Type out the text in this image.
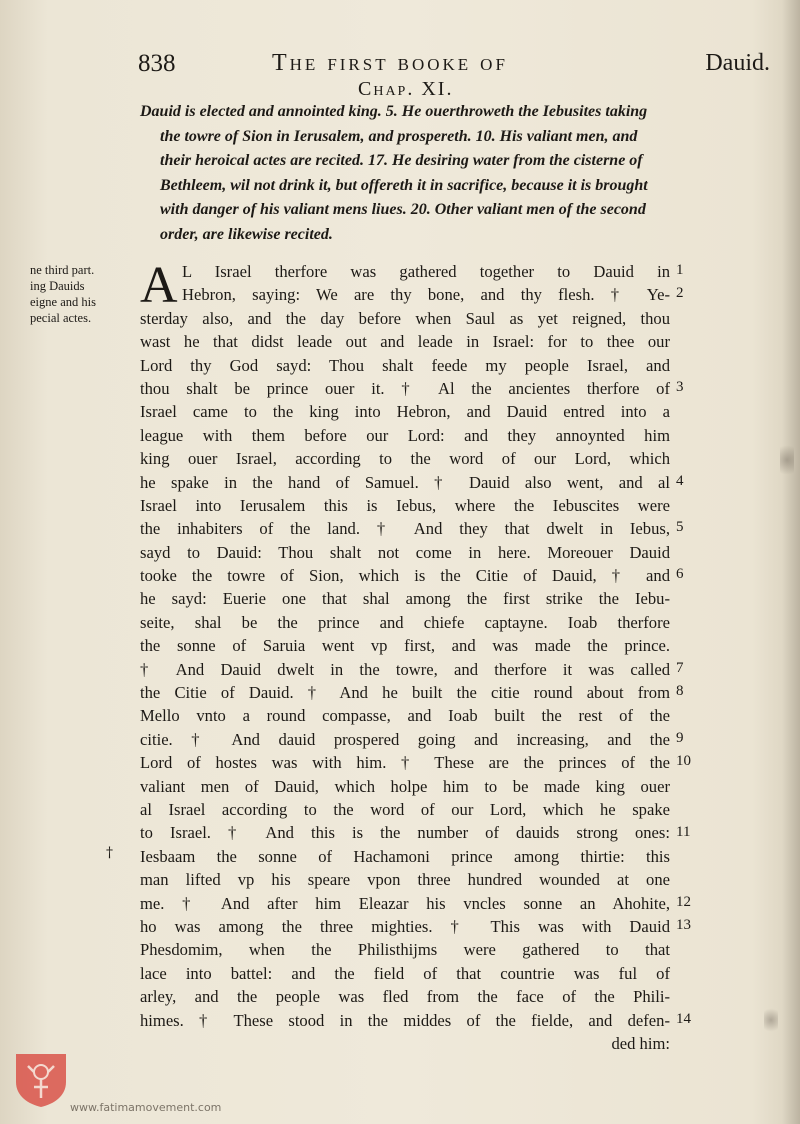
838	The first booke of	Dauid.
Chap. XI.
Dauid is elected and annointed king. 5. He ouerthroweth the Iebusites taking
the towre of Sion in Ierusalem, and prospereth. 10. His valiant men, and
their heroical actes are recited. 17. He desiring water from the cisterne of
Bethleem, wil not drink it, but offereth it in sacrifice, because it is brought
with danger of his valiant mens liues. 20. Other valiant men of the second
order, are likewise recited.
ne third part.
ing Dauids
eigne and his
pecial actes.
A L Israel therfore was gathered together to Dauid in
Hebron, saying: We are thy bone, and thy flesh. † Ye-
sterday also, and the day before when Saul as yet reigned, thou
wast he that didst leade out and leade in Israel: for to thee our
Lord thy God sayd: Thou shalt feede my people Israel, and
thou shalt be prince ouer it. † Al the ancientes therfore of
Israel came to the king into Hebron, and Dauid entred into a
league with them before our Lord: and they annoynted him
king ouer Israel, according to the word of our Lord, which
he spake in the hand of Samuel. † Dauid also went, and al
Israel into Ierusalem this is Iebus, where the Iebuscites were
the inhabiters of the land. † And they that dwelt in Iebus,
sayd to Dauid: Thou shalt not come in here. Moreouer Dauid
tooke the towre of Sion, which is the Citie of Dauid, † and
he sayd: Euerie one that shal among the first strike the Iebu-
seite, shal be the prince and chiefe captayne. Ioab therfore
the sonne of Saruia went vp first, and was made the prince.
† And Dauid dwelt in the towre, and therfore it was called
the Citie of Dauid. † And he built the citie round about from
Mello vnto a round compasse, and Ioab built the rest of the
citie. † And dauid prospered going and increasing, and the
Lord of hostes was with him. † These are the princes of the
valiant men of Dauid, which holpe him to be made king ouer
al Israel according to the word of our Lord, which he spake
to Israel. † And this is the number of dauids strong ones:
Iesbaam the sonne of Hachamoni prince among thirtie: this
man lifted vp his speare vpon three hundred wounded at one
me. † And after him Eleazar his vncles sonne an Ahohite,
ho was among the three mighties. † This was with Dauid
Phesdomim, when the Philisthijms were gathered to that
lace into battel: and the field of that countrie was ful of
arley, and the people was fled from the face of the Phili-
himes. † These stood in the middes of the fielde, and defen-
ded him:
1
2
3
4
5
6
7
8
9
10
11
12
13
14
†
www.fatimamovement.com
